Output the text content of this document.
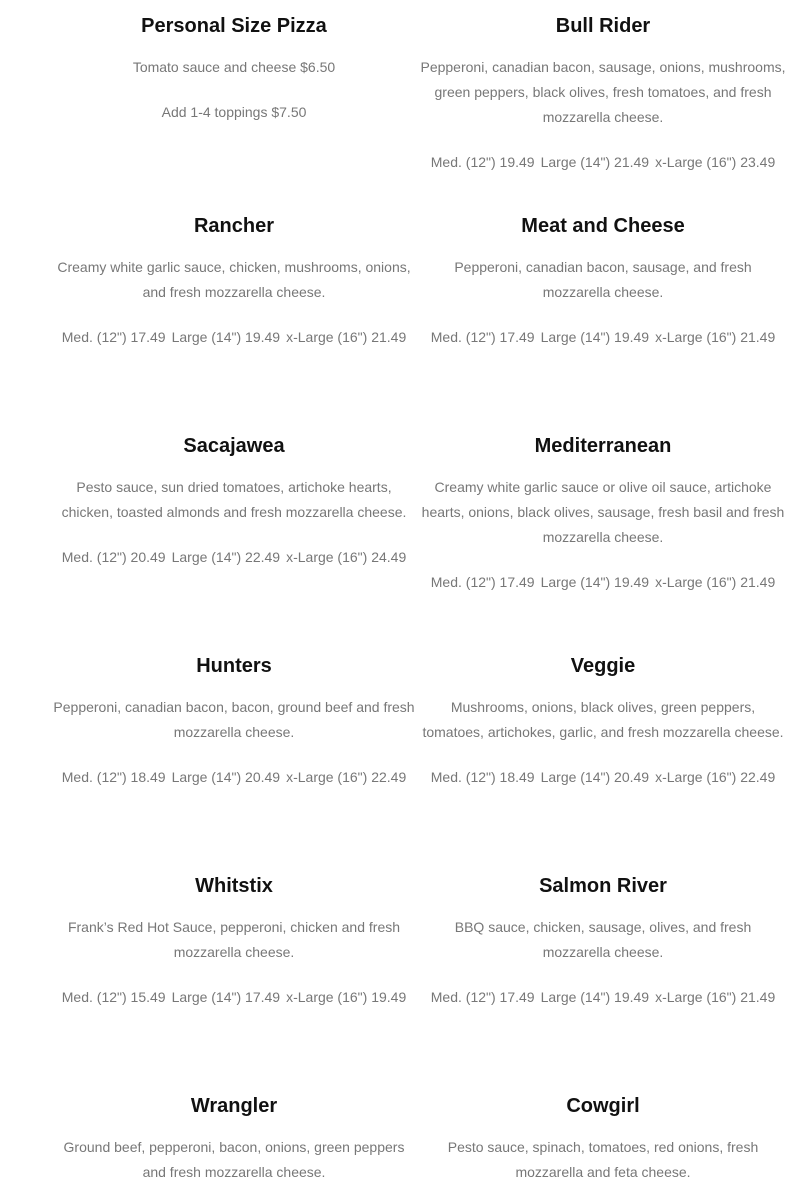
Personal Size Pizza

Tomato sauce and cheese $6.50

Add 1-4 toppings $7.50

Bull Rider

Pepperoni, canadian bacon, sausage, onions, mushrooms, green peppers, black olives, fresh tomatoes, and fresh mozzarella cheese.

Med. (12") 19.49 Large (14") 21.49 x-Large (16") 23.49

Rancher

Creamy white garlic sauce, chicken, mushrooms, onions, and fresh mozzarella cheese.

Med. (12") 17.49 Large (14") 19.49 x-Large (16") 21.49

Meat and Cheese

Pepperoni, canadian bacon, sausage, and fresh mozzarella cheese.

Med. (12") 17.49 Large (14") 19.49 x-Large (16") 21.49

Sacajawea

Pesto sauce, sun dried tomatoes, artichoke hearts, chicken, toasted almonds and fresh mozzarella cheese.

Med. (12") 20.49 Large (14") 22.49 x-Large (16") 24.49

Mediterranean

Creamy white garlic sauce or olive oil sauce, artichoke hearts, onions, black olives, sausage, fresh basil and fresh mozzarella cheese.

Med. (12") 17.49 Large (14") 19.49 x-Large (16") 21.49

Hunters

Pepperoni, canadian bacon, bacon, ground beef and fresh mozzarella cheese.

Med. (12") 18.49 Large (14") 20.49 x-Large (16") 22.49

Veggie

Mushrooms, onions, black olives, green peppers, tomatoes, artichokes, garlic, and fresh mozzarella cheese.

Med. (12") 18.49 Large (14") 20.49 x-Large (16") 22.49

Whitstix

Frank’s Red Hot Sauce, pepperoni, chicken and fresh mozzarella cheese.

Med. (12") 15.49 Large (14") 17.49 x-Large (16") 19.49

Salmon River

BBQ sauce, chicken, sausage, olives, and fresh mozzarella cheese.

Med. (12") 17.49 Large (14") 19.49 x-Large (16") 21.49

Wrangler

Ground beef, pepperoni, bacon, onions, green peppers and fresh mozzarella cheese.

Cowgirl

Pesto sauce, spinach, tomatoes, red onions, fresh mozzarella and feta cheese.
